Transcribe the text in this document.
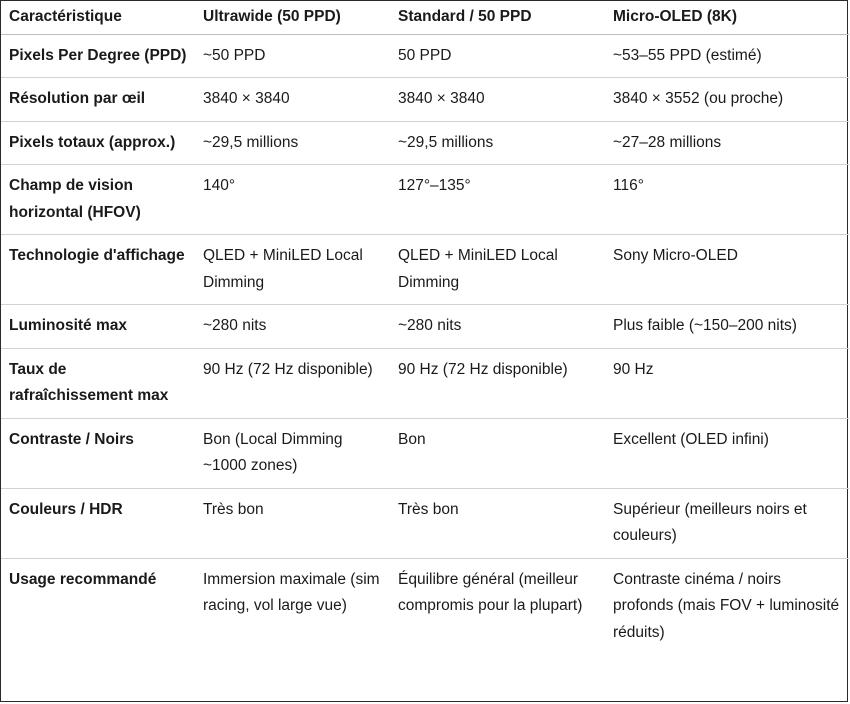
Caractéristique	Ultrawide (50 PPD)	Standard / 50 PPD	Micro-OLED (8K)
Pixels Per Degree (PPD)	~50 PPD	50 PPD	~53–55 PPD (estimé)
Résolution par œil	3840 × 3840	3840 × 3840	3840 × 3552 (ou proche)
Pixels totaux (approx.)	~29,5 millions	~29,5 millions	~27–28 millions
Champ de vision horizontal (HFOV)	140°	127°–135°	116°
Technologie d'affichage	QLED + MiniLED Local Dimming	QLED + MiniLED Local Dimming	Sony Micro-OLED
Luminosité max	~280 nits	~280 nits	Plus faible (~150–200 nits)
Taux de rafraîchissement max	90 Hz (72 Hz disponible)	90 Hz (72 Hz disponible)	90 Hz
Contraste / Noirs	Bon (Local Dimming ~1000 zones)	Bon	Excellent (OLED infini)
Couleurs / HDR	Très bon	Très bon	Supérieur (meilleurs noirs et couleurs)
Usage recommandé	Immersion maximale (sim racing, vol large vue)	Équilibre général (meilleur compromis pour la plupart)	Contraste cinéma / noirs profonds (mais FOV + luminosité réduits)
